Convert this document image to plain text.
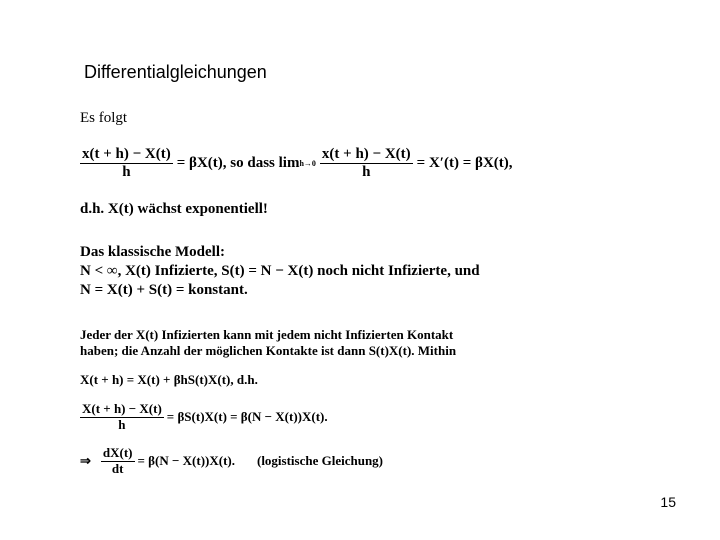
Differentialgleichungen
Es folgt
$\frac{x(t + h) - X(t)}{h} = \beta X(t)$, so dass $\lim h\to 0 \frac{x(t + h) - X(t)}{h} = X'(t) = \beta X(t)$,
d.h. X(t) wächst exponentiell!
Das klassische Modell:
N < ∞, X(t) Infizierte, S(t) = N − X(t) noch nicht Infizierte, und
N = X(t) + S(t) = konstant.
Jeder der X(t) Infizierten kann mit jedem nicht Infizierten Kontakt
haben; die Anzahl der möglichen Kontakte ist dann S(t)X(t). Mithin
X(t + h) = X(t) + βhS(t)X(t), d.h.
$\frac{X(t + h) - X(t)}{h} = \beta S(t)X(t) = \beta(N - X(t))X(t)$.
⇒ $\frac{dX(t)}{dt} = \beta(N - X(t))X(t)$. (logistische Gleichung)
15
